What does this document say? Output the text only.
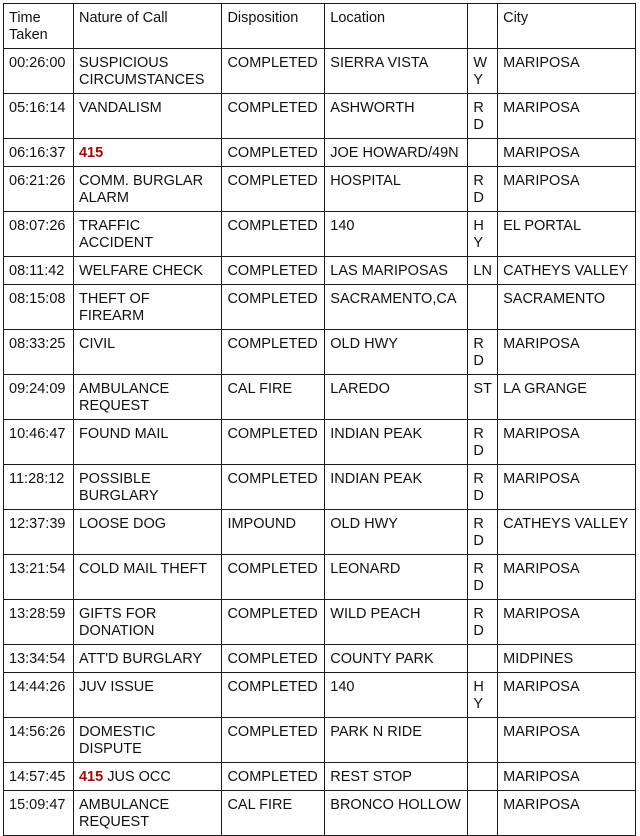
Time Taken	Nature of Call	Disposition	Location		City
00:26:00	SUSPICIOUS CIRCUMSTANCES	COMPLETED	SIERRA VISTA	WY	MARIPOSA
05:16:14	VANDALISM	COMPLETED	ASHWORTH	RD	MARIPOSA
06:16:37	415	COMPLETED	JOE HOWARD/49N		MARIPOSA
06:21:26	COMM. BURGLAR ALARM	COMPLETED	HOSPITAL	RD	MARIPOSA
08:07:26	TRAFFIC ACCIDENT	COMPLETED	140	HY	EL PORTAL
08:11:42	WELFARE CHECK	COMPLETED	LAS MARIPOSAS	LN	CATHEYS VALLEY
08:15:08	THEFT OF FIREARM	COMPLETED	SACRAMENTO,CA		SACRAMENTO
08:33:25	CIVIL	COMPLETED	OLD HWY	RD	MARIPOSA
09:24:09	AMBULANCE REQUEST	CAL FIRE	LAREDO	ST	LA GRANGE
10:46:47	FOUND MAIL	COMPLETED	INDIAN PEAK	RD	MARIPOSA
11:28:12	POSSIBLE BURGLARY	COMPLETED	INDIAN PEAK	RD	MARIPOSA
12:37:39	LOOSE DOG	IMPOUND	OLD HWY	RD	CATHEYS VALLEY
13:21:54	COLD MAIL THEFT	COMPLETED	LEONARD	RD	MARIPOSA
13:28:59	GIFTS FOR DONATION	COMPLETED	WILD PEACH	RD	MARIPOSA
13:34:54	ATT'D BURGLARY	COMPLETED	COUNTY PARK		MIDPINES
14:44:26	JUV ISSUE	COMPLETED	140	HY	MARIPOSA
14:56:26	DOMESTIC DISPUTE	COMPLETED	PARK N RIDE		MARIPOSA
14:57:45	415 JUS OCC	COMPLETED	REST STOP		MARIPOSA
15:09:47	AMBULANCE REQUEST	CAL FIRE	BRONCO HOLLOW		MARIPOSA
